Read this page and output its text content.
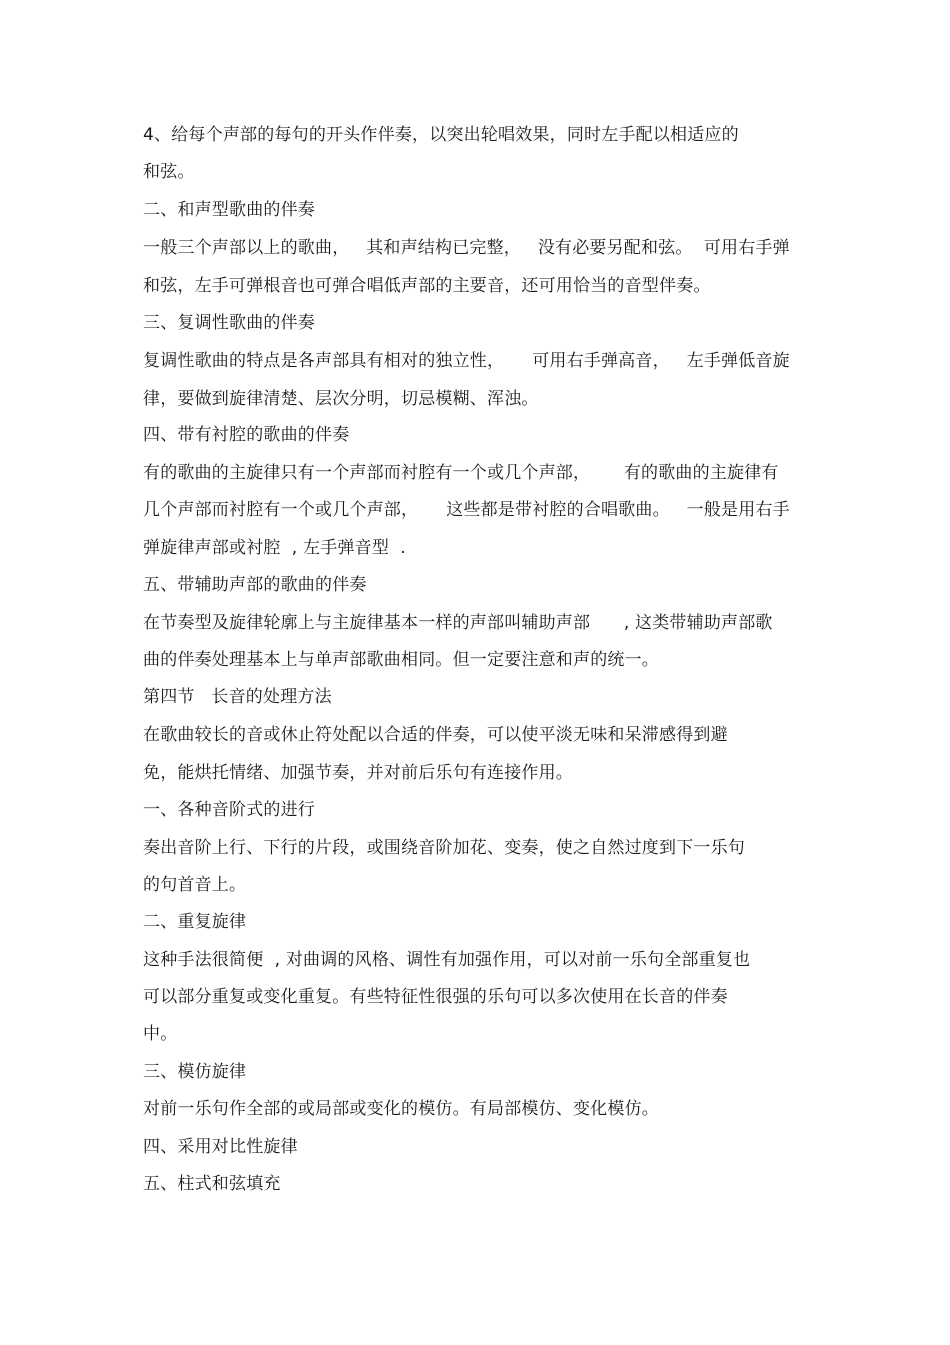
4、给每个声部的每句的开头作伴奏，以突出轮唱效果，同时左手配以相适应的
和弦。
二、和声型歌曲的伴奏
一般三个声部以上的歌曲，   其和声结构已完整，   没有必要另配和弦。  可用右手弹
和弦，左手可弹根音也可弹合唱低声部的主要音，还可用恰当的音型伴奏。
三、复调性歌曲的伴奏
复调性歌曲的特点是各声部具有相对的独立性，     可用右手弹高音，   左手弹低音旋
律，要做到旋律清楚、层次分明，切忌模糊、浑浊。
四、带有衬腔的歌曲的伴奏
有的歌曲的主旋律只有一个声部而衬腔有一个或几个声部，      有的歌曲的主旋律有
几个声部而衬腔有一个或几个声部，     这些都是带衬腔的合唱歌曲。   一般是用右手
弹旋律声部或衬腔  , 左手弹音型  .
五、带辅助声部的歌曲的伴奏
在节奏型及旋律轮廓上与主旋律基本一样的声部叫辅助声部      , 这类带辅助声部歌
曲的伴奏处理基本上与单声部歌曲相同。但一定要注意和声的统一。
第四节   长音的处理方法
在歌曲较长的音或休止符处配以合适的伴奏，可以使平淡无味和呆滞感得到避
免，能烘托情绪、加强节奏，并对前后乐句有连接作用。
一、各种音阶式的进行
奏出音阶上行、下行的片段，或围绕音阶加花、变奏，使之自然过度到下一乐句
的句首音上。
二、重复旋律
这种手法很简便  , 对曲调的风格、调性有加强作用，可以对前一乐句全部重复也
可以部分重复或变化重复。有些特征性很强的乐句可以多次使用在长音的伴奏
中。
三、模仿旋律
对前一乐句作全部的或局部或变化的模仿。有局部模仿、变化模仿。
四、采用对比性旋律
五、柱式和弦填充
